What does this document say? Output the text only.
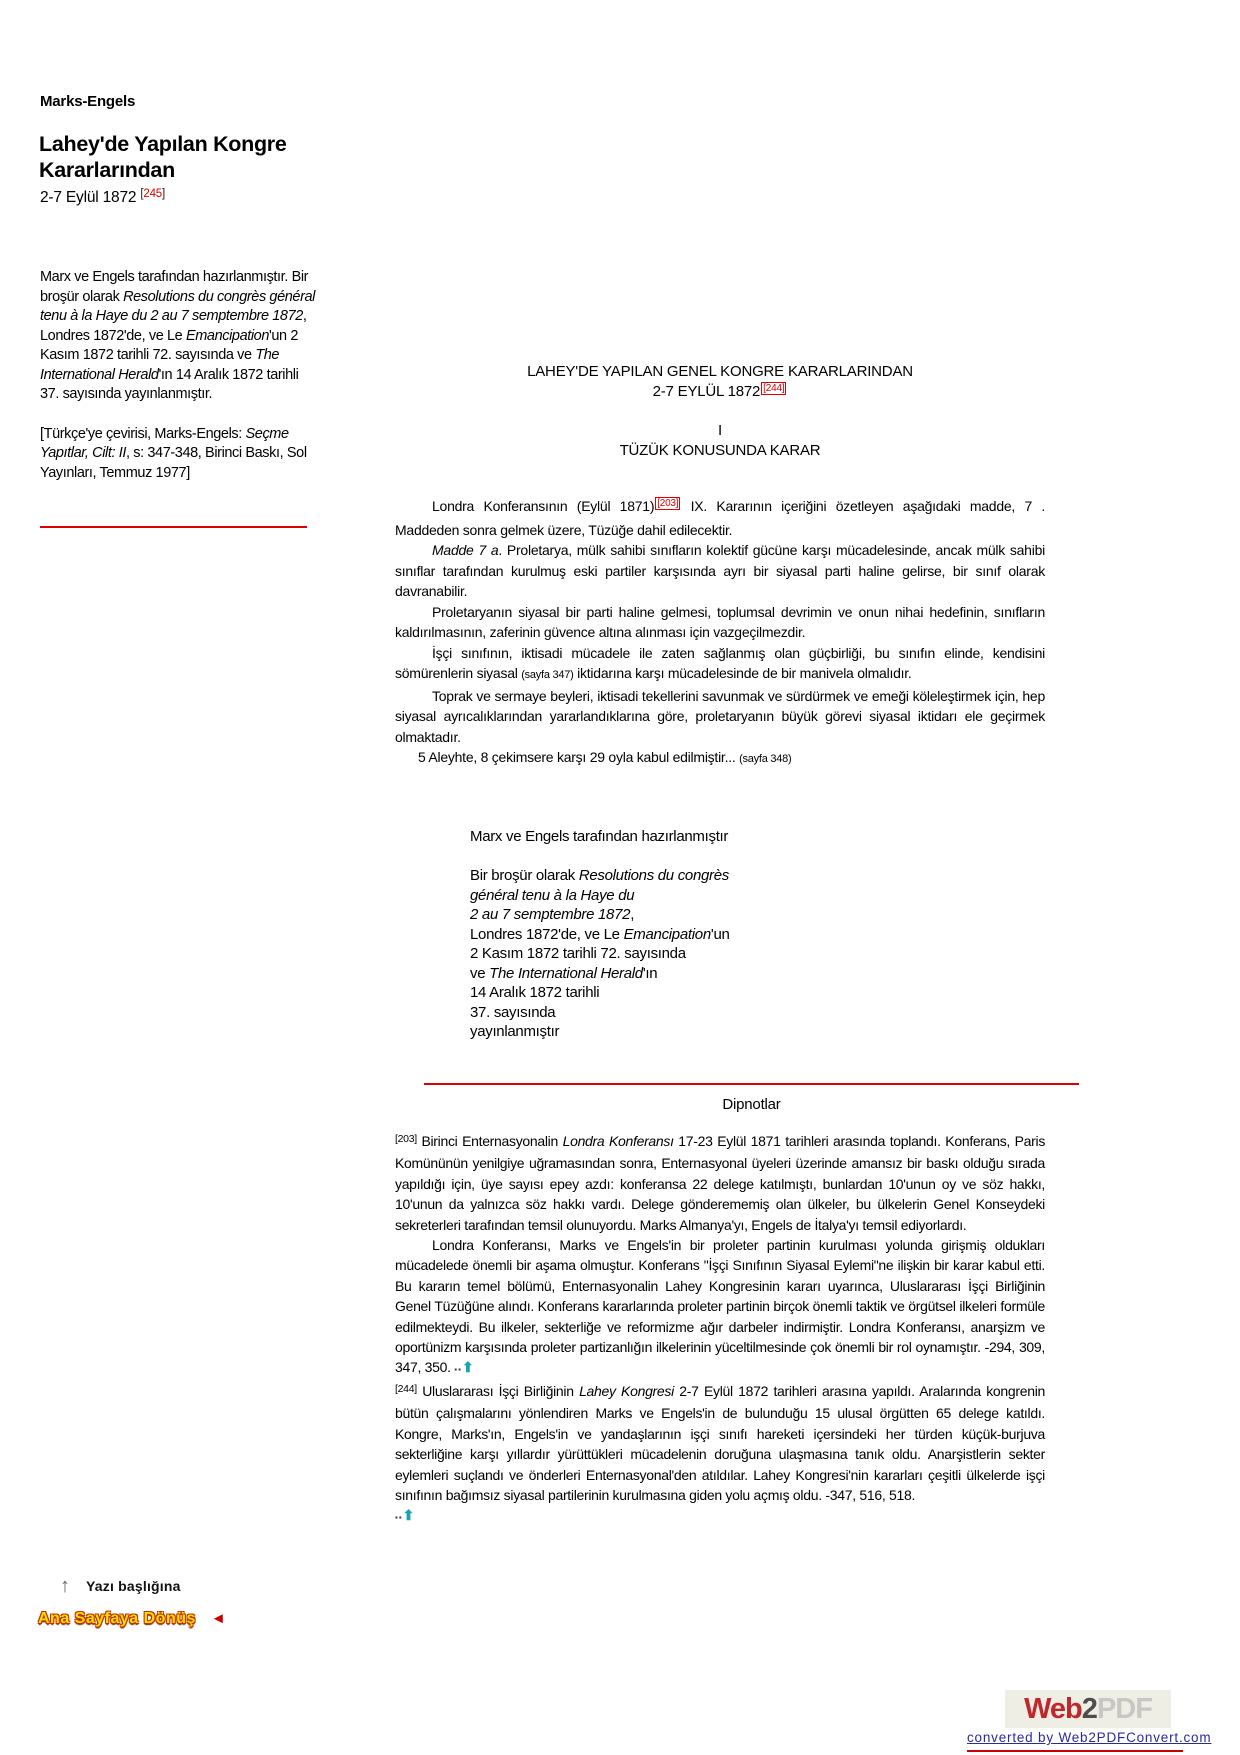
Marks-Engels
Lahey'de Yapılan Kongre Kararlarından
2-7 Eylül 1872 [245]

Marx ve Engels tarafından hazırlanmıştır. Bir broşür olarak Resolutions du congrès général tenu à la Haye du 2 au 7 semptembre 1872, Londres 1872'de, ve Le Emancipation'un 2 Kasım 1872 tarihli 72. sayısında ve The International Herald'ın 14 Aralık 1872 tarihli 37. sayısında yayınlanmıştır.

[Türkçe'ye çevirisi, Marks-Engels: Seçme Yapıtlar, Cilt: II, s: 347-348, Birinci Baskı, Sol Yayınları, Temmuz 1977]

LAHEY'DE YAPILAN GENEL KONGRE KARARLARINDAN
2-7 EYLÜL 1872 [244]
I
TÜZÜK KONUSUNDA KARAR

Londra Konferansının (Eylül 1871) [203] IX. Kararının içeriğini özetleyen aşağıdaki madde, 7 . Maddeden sonra gelmek üzere, Tüzüğe dahil edilecektir.

Madde 7 a. Proletarya, mülk sahibi sınıfların kolektif gücüne karşı mücadelesinde, ancak mülk sahibi sınıflar tarafından kurulmuş eski partiler karşısında ayrı bir siyasal parti haline gelirse, bir sınıf olarak davranabilir.

Proletaryanın siyasal bir parti haline gelmesi, toplumsal devrimin ve onun nihai hedefinin, sınıfların kaldırılmasının, zaferinin güvence altına alınması için vazgeçilmezdir.

İşçi sınıfının, iktisadi mücadele ile zaten sağlanmış olan güçbirliği, bu sınıfın elinde, kendisini sömürenlerin siyasal (sayfa 347) iktidarına karşı mücadelesinde de bir manivela olmalıdır.

Toprak ve sermaye beyleri, iktisadi tekellerini savunmak ve sürdürmek ve emeği köleleştirmek için, hep siyasal ayrıcalıklarından yararlandıklarına göre, proletaryanın büyük görevi siyasal iktidarı ele geçirmek olmaktadır.

5 Aleyhte, 8 çekimsere karşı 29 oyla kabul edilmiştir... (sayfa 348)

Marx ve Engels tarafından hazırlanmıştır
Bir broşür olarak Resolutions du congrès
général tenu à la Haye du
2 au 7 semptembre 1872,
Londres 1872'de, ve Le Emancipation'un
2 Kasım 1872 tarihli 72. sayısında
ve The International Herald'ın
14 Aralık 1872 tarihli
37. sayısında
yayınlanmıştır
Dipnotlar

[203] Birinci Enternasyonalin Londra Konferansı 17-23 Eylül 1871 tarihleri arasında toplandı. Konferans, Paris Komününün yenilgiye uğramasından sonra, Enternasyonal üyeleri üzerinde amansız bir baskı olduğu sırada yapıldığı için, üye sayısı epey azdı: konferansa 22 delege katılmıştı, bunlardan 10'unun oy ve söz hakkı, 10'unun da yalnızca söz hakkı vardı. Delege gönderememiş olan ülkeler, bu ülkelerin Genel Konseydeki sekreterleri tarafından temsil olunuyordu. Marks Almanya'yı, Engels de İtalya'yı temsil ediyorlardı.

Londra Konferansı, Marks ve Engels'in bir proleter partinin kurulması yolunda girişmiş oldukları mücadelede önemli bir aşama olmuştur. Konferans "İşçi Sınıfının Siyasal Eylemi"ne ilişkin bir karar kabul etti. Bu kararın temel bölümü, Enternasyonalin Lahey Kongresinin kararı uyarınca, Uluslararası İşçi Birliğinin Genel Tüzüğüne alındı. Konferans kararlarında proleter partinin birçok önemli taktik ve örgütsel ilkeleri formüle edilmekteydi. Bu ilkeler, sekterliğe ve reformizme ağır darbeler indirmiştir. Londra Konferansı, anarşizm ve oportünizm karşısında proleter partizanlığın ilkelerinin yüceltilmesinde çok önemli bir rol oynamıştır. -294, 309, 347, 350. ▪▪⬆

[244] Uluslararası İşçi Birliğinin Lahey Kongresi 2-7 Eylül 1872 tarihleri arasına yapıldı. Aralarında kongrenin bütün çalışmalarını yönlendiren Marks ve Engels'in de bulunduğu 15 ulusal örgütten 65 delege katıldı. Kongre, Marks'ın, Engels'in ve yandaşlarının işçi sınıfı hareketi içersindeki her türden küçük-burjuva sekterliğine karşı yıllardır yürüttükleri mücadelenin doruğuna ulaşmasına tanık oldu. Anarşistlerin sekter eylemleri suçlandı ve önderleri Enternasyonal'den atıldılar. Lahey Kongresi'nin kararları çeşitli ülkelerde işçi sınıfının bağımsız siyasal partilerinin kurulmasına giden yolu açmış oldu. -347, 516, 518.

▪▪⬆

↑ Yazı başlığına
Ana Sayfaya Dönüş ◄
Web 2 PDF
converted by Web2PDFConvert.com
